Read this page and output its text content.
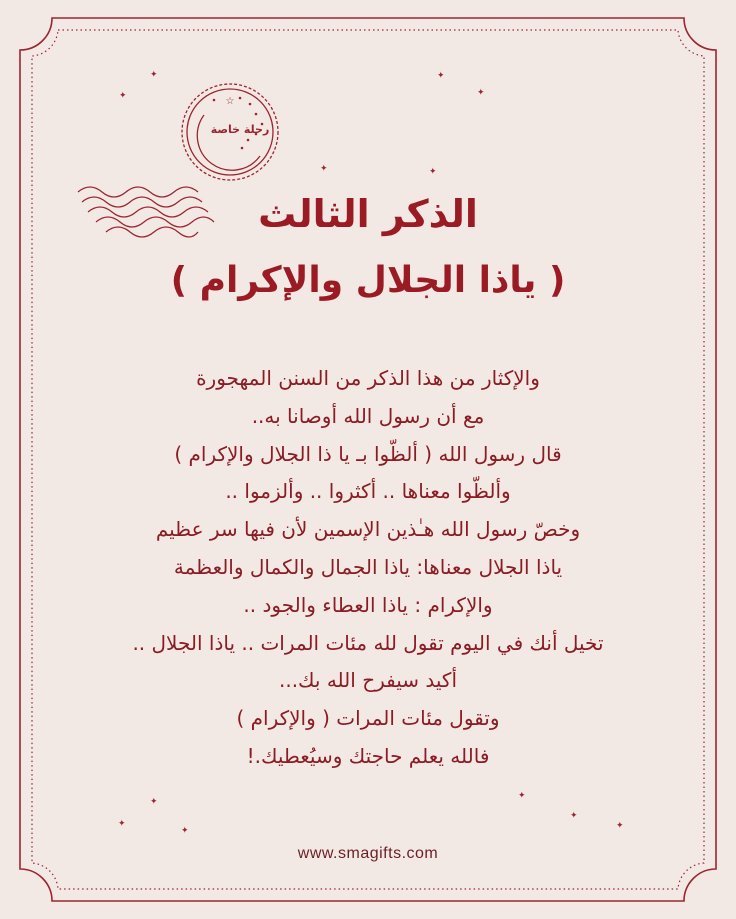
☆
رحلة خاصة
✦	✦
✦
✦
✦	✦
✦
✦
✦
✦
✦
✦
الذكر الثالث
( ياذا الجلال والإكرام )
والإكثار من هذا الذكر من السنن المهجورة
مع أن رسول الله أوصانا به..
قال رسول الله ( ألظّوا بـ يا ذا الجلال والإكرام )
وألظّوا معناها .. أكثروا .. وألزموا ..
وخصّ رسول الله هـٰذين الإسمين لأن فيها سر عظيم
ياذا الجلال معناها: ياذا الجمال والكمال والعظمة
والإكرام : ياذا العطاء والجود ..
تخيل أنك في اليوم تقول لله مئات المرات .. ياذا الجلال ..
أكيد سيفرح الله بك...
وتقول مئات المرات ( والإكرام )
فالله يعلم حاجتك وسيُعطيك.!
www.smagifts.com
